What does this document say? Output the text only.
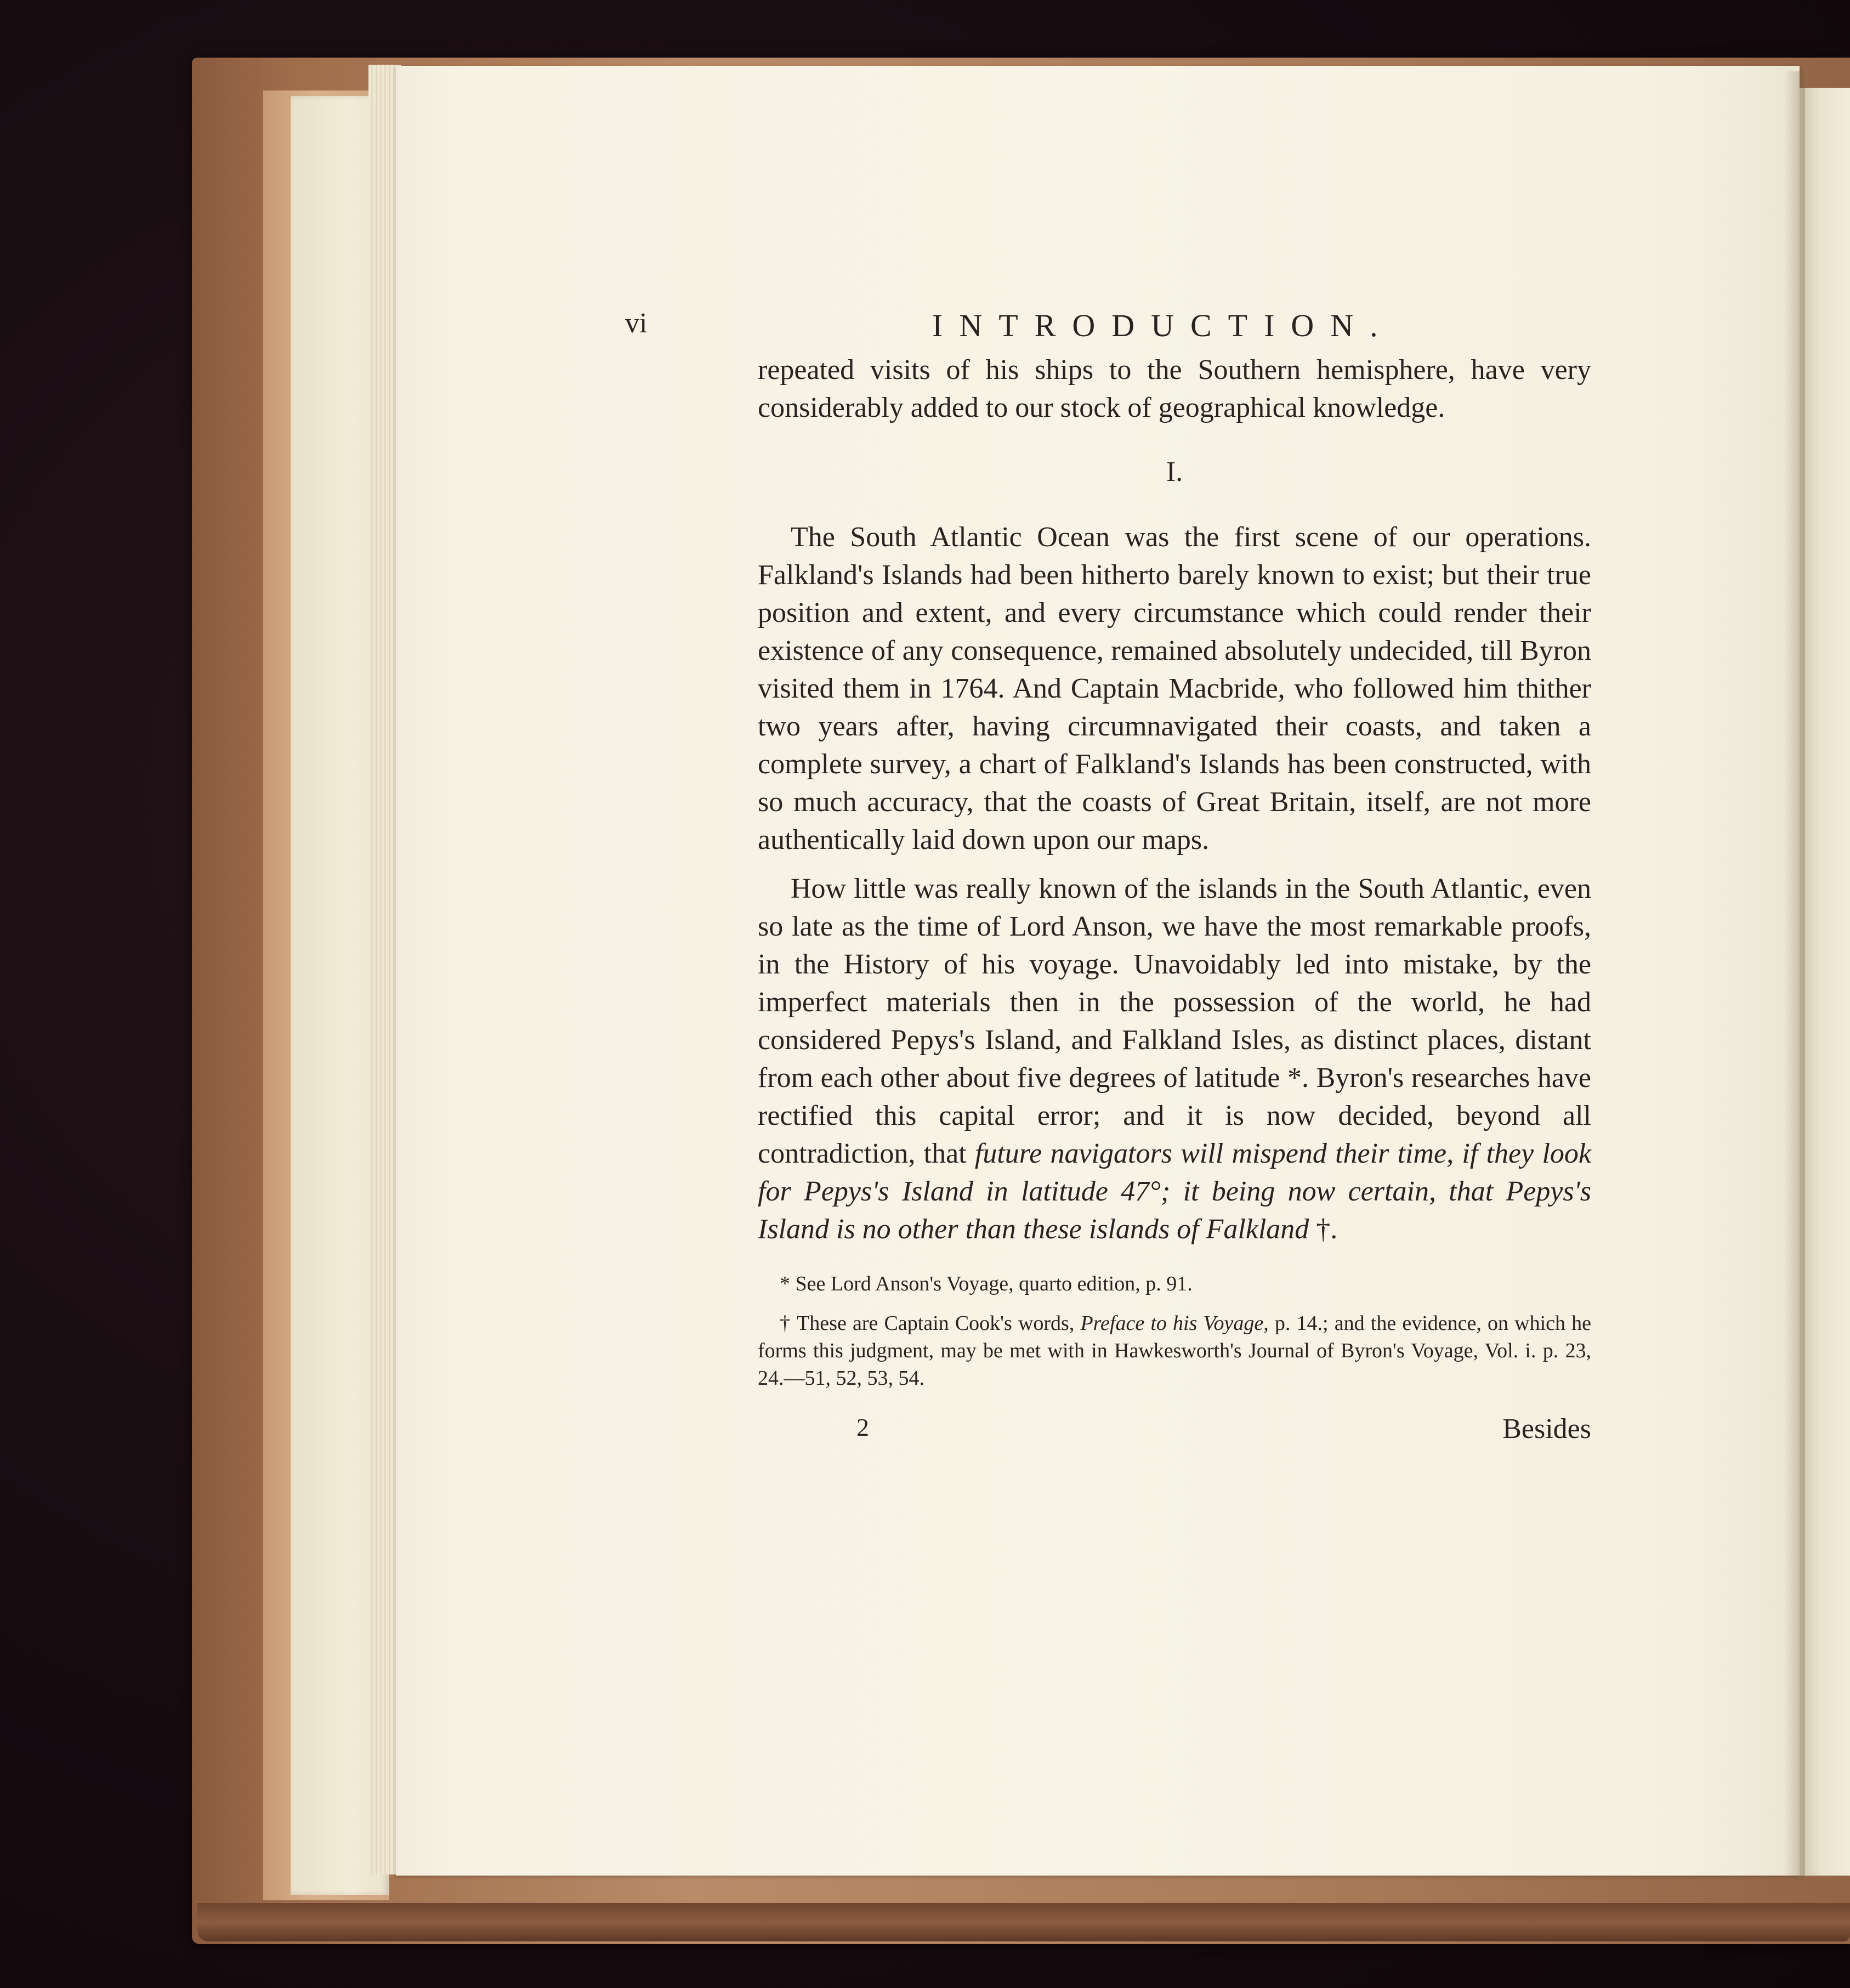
vi	INTRODUCTION.

repeated visits of his ships to the Southern hemisphere, have very considerably added to our stock of geographical knowledge.

I.

The South Atlantic Ocean was the first scene of our operations. Falkland's Islands had been hitherto barely known to exist; but their true position and extent, and every circumstance which could render their existence of any consequence, remained absolutely undecided, till Byron visited them in 1764. And Captain Macbride, who followed him thither two years after, having circumnavigated their coasts, and taken a complete survey, a chart of Falkland's Islands has been constructed, with so much accuracy, that the coasts of Great Britain, itself, are not more authentically laid down upon our maps.

How little was really known of the islands in the South Atlantic, even so late as the time of Lord Anson, we have the most remarkable proofs, in the History of his voyage. Unavoidably led into mistake, by the imperfect materials then in the possession of the world, he had considered Pepys's Island, and Falkland Isles, as distinct places, distant from each other about five degrees of latitude *. Byron's researches have rectified this capital error; and it is now decided, beyond all contradiction, that future navigators will mispend their time, if they look for Pepys's Island in latitude 47°; it being now certain, that Pepys's Island is no other than these islands of Falkland †.

* See Lord Anson's Voyage, quarto edition, p. 91.

† These are Captain Cook's words, Preface to his Voyage, p. 14.; and the evidence, on which he forms this judgment, may be met with in Hawkesworth's Journal of Byron's Voyage, Vol. i. p. 23, 24.—51, 52, 53, 54.

2	Besides
